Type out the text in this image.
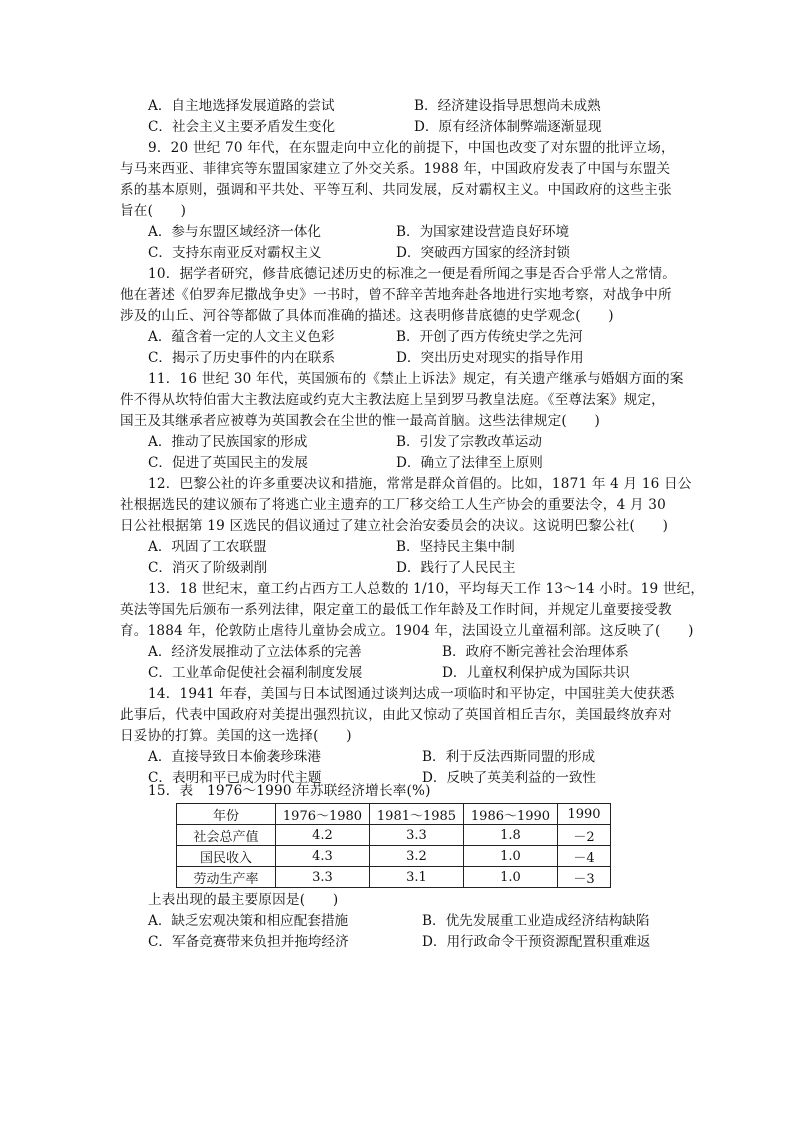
A．自主地选择发展道路的尝试	B．经济建设指导思想尚未成熟
C．社会主义主要矛盾发生变化	D．原有经济体制弊端逐渐显现
9．20 世纪 70 年代，在东盟走向中立化的前提下，中国也改变了对东盟的批评立场，
与马来西亚、菲律宾等东盟国家建立了外交关系。1988 年，中国政府发表了中国与东盟关
系的基本原则，强调和平共处、平等互利、共同发展，反对霸权主义。中国政府的这些主张
旨在(　　)
A．参与东盟区域经济一体化	B．为国家建设营造良好环境
C．支持东南亚反对霸权主义	D．突破西方国家的经济封锁
10．据学者研究，修昔底德记述历史的标准之一便是看所闻之事是否合乎常人之常情。
他在著述《伯罗奔尼撒战争史》一书时，曾不辞辛苦地奔赴各地进行实地考察，对战争中所
涉及的山丘、河谷等都做了具体而准确的描述。这表明修昔底德的史学观念(　　)
A．蕴含着一定的人文主义色彩	B．开创了西方传统史学之先河
C．揭示了历史事件的内在联系	D．突出历史对现实的指导作用
11．16 世纪 30 年代，英国颁布的《禁止上诉法》规定，有关遗产继承与婚姻方面的案
件不得从坎特伯雷大主教法庭或约克大主教法庭上呈到罗马教皇法庭。《至尊法案》规定，
国王及其继承者应被尊为英国教会在尘世的惟一最高首脑。这些法律规定(　　)
A．推动了民族国家的形成	B．引发了宗教改革运动
C．促进了英国民主的发展	D．确立了法律至上原则
12．巴黎公社的许多重要决议和措施，常常是群众首倡的。比如，1871 年 4 月 16 日公
社根据选民的建议颁布了将逃亡业主遗弃的工厂移交给工人生产协会的重要法令，4 月 30
日公社根据第 19 区选民的倡议通过了建立社会治安委员会的决议。这说明巴黎公社(　　)
A．巩固了工农联盟	B．坚持民主集中制
C．消灭了阶级剥削	D．践行了人民民主
13．18 世纪末，童工约占西方工人总数的 1/10，平均每天工作 13～14 小时。19 世纪，
英法等国先后颁布一系列法律，限定童工的最低工作年龄及工作时间，并规定儿童要接受教
育。1884 年，伦敦防止虐待儿童协会成立。1904 年，法国设立儿童福利部。这反映了(　　)
A．经济发展推动了立法体系的完善	B．政府不断完善社会治理体系
C．工业革命促使社会福利制度发展	D．儿童权利保护成为国际共识
14．1941 年春，美国与日本试图通过谈判达成一项临时和平协定，中国驻美大使获悉
此事后，代表中国政府对美提出强烈抗议，由此又惊动了英国首相丘吉尔，美国最终放弃对
日妥协的打算。美国的这一选择(　　)
A．直接导致日本偷袭珍珠港	B．利于反法西斯同盟的形成
C．表明和平已成为时代主题	D．反映了英美利益的一致性
15．表　1976～1990 年苏联经济增长率(%)
年份	1976～1980	1981～1985	1986～1990	1990
社会总产值	4.2	3.3	1.8	－2
国民收入	4.3	3.2	1.0	－4
劳动生产率	3.3	3.1	1.0	－3
上表出现的最主要原因是(　　)
A．缺乏宏观决策和相应配套措施	B．优先发展重工业造成经济结构缺陷
C．军备竞赛带来负担并拖垮经济	D．用行政命令干预资源配置积重难返
